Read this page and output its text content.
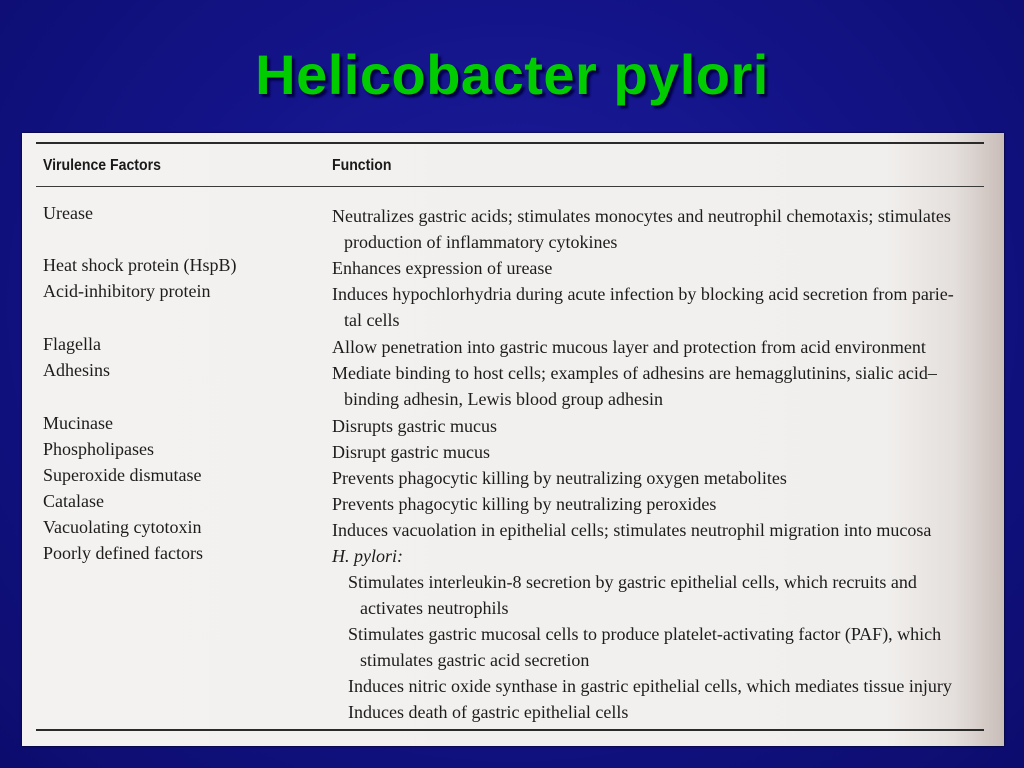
Helicobacter pylori
Virulence Factors	Function
Urease	Neutralizes gastric acids; stimulates monocytes and neutrophil chemotaxis; stimulates
production of inflammatory cytokines
Heat shock protein (HspB)	Enhances expression of urease
Acid-inhibitory protein	Induces hypochlorhydria during acute infection by blocking acid secretion from parie-
tal cells
Flagella	Allow penetration into gastric mucous layer and protection from acid environment
Adhesins	Mediate binding to host cells; examples of adhesins are hemagglutinins, sialic acid–
binding adhesin, Lewis blood group adhesin
Mucinase	Disrupts gastric mucus
Phospholipases	Disrupt gastric mucus
Superoxide dismutase	Prevents phagocytic killing by neutralizing oxygen metabolites
Catalase	Prevents phagocytic killing by neutralizing peroxides
Vacuolating cytotoxin	Induces vacuolation in epithelial cells; stimulates neutrophil migration into mucosa
Poorly defined factors	H. pylori:
Stimulates interleukin-8 secretion by gastric epithelial cells, which recruits and
activates neutrophils
Stimulates gastric mucosal cells to produce platelet-activating factor (PAF), which
stimulates gastric acid secretion
Induces nitric oxide synthase in gastric epithelial cells, which mediates tissue injury
Induces death of gastric epithelial cells
